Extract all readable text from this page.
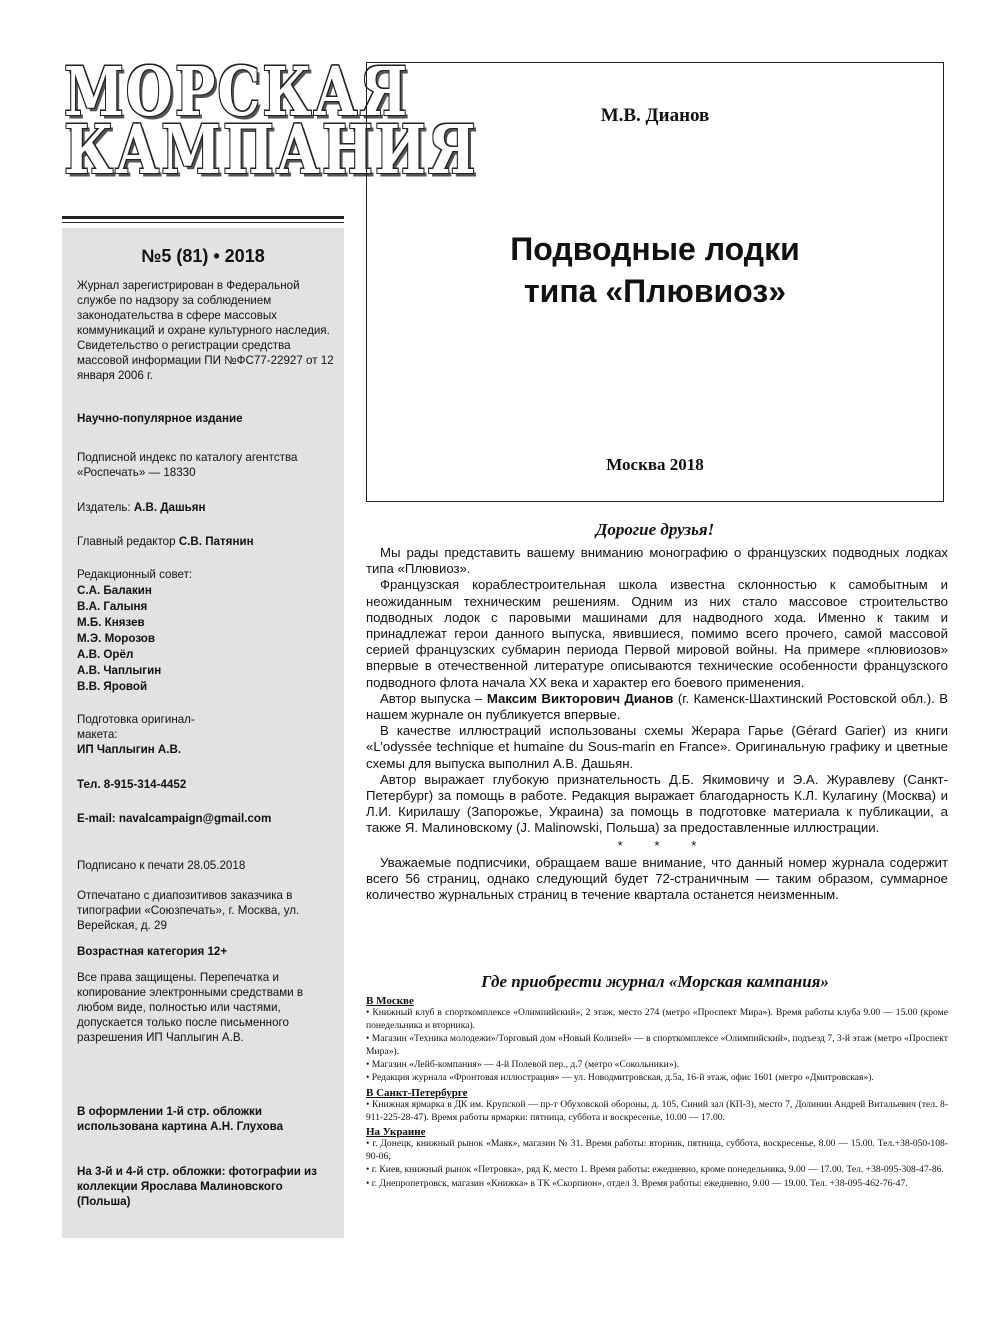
МОРСКАЯ
КАМПАНИЯ
№5 (81) • 2018

Журнал зарегистрирован в Федеральной службе по надзору за соблюдением законодательства в сфере массовых коммуникаций и охране культурного наследия. Свидетельство о регистрации средства массовой информации ПИ №ФС77-22927 от 12 января 2006 г.

Научно-популярное издание

Подписной индекс по каталогу агентства «Роспечать» — 18330

Издатель: А.В. Дашьян

Главный редактор С.В. Патянин

Редакционный совет:

С.А. Балакин

В.А. Галыня

М.Б. Князев

М.Э. Морозов

А.В. Орёл

А.В. Чаплыгин

В.В. Яровой

Подготовка оригинал-макета:

ИП Чаплыгин А.В.

Тел. 8-915-314-4452

E-mail: navalcampaign@gmail.com

Подписано к печати 28.05.2018

Отпечатано с диапозитивов заказчика в типографии «Союзпечать», г. Москва, ул. Верейская, д. 29

Возрастная категория 12+

Все права защищены. Перепечатка и копирование электронными средствами в любом виде, полностью или частями, допускается только после письменного разрешения ИП Чаплыгин А.В.

В оформлении 1-й стр. обложки использована картина А.Н. Глухова

На 3-й и 4-й стр. обложки: фотографии из коллекции Ярослава Малиновского (Польша)

М.В. Дианов
Подводные лодки
типа «Плювиоз»
Москва 2018
Дорогие друзья!

Мы рады представить вашему вниманию монографию о французских подводных лодках типа «Плювиоз».

Французская кораблестроительная школа известна склонностью к самобытным и неожиданным техническим решениям. Одним из них стало массовое строительство подводных лодок с паровыми машинами для надводного хода. Именно к таким и принадлежат герои данного выпуска, явившиеся, помимо всего прочего, самой массовой серией французских субмарин периода Первой мировой войны. На примере «плювиозов» впервые в отечественной литературе описываются технические особенности французского подводного флота начала XX века и характер его боевого применения.

Автор выпуска – Максим Викторович Дианов (г. Каменск-Шахтинский Ростовской обл.). В нашем журнале он публикуется впервые.

В качестве иллюстраций использованы схемы Жерара Гарье (Gérard Garier) из книги «L’odyssée technique et humaine du Sous-marin en France». Оригинальную графику и цветные схемы для выпуска выполнил А.В. Дашьян.

Автор выражает глубокую признательность Д.Б. Якимовичу и Э.А. Журавлеву (Санкт-Петербург) за помощь в работе. Редакция выражает благодарность К.Л. Кулагину (Москва) и Л.И. Кирилашу (Запорожье, Украина) за помощь в подготовке материала к публикации, а также Я. Малиновскому (J. Malinowski, Польша) за предоставленные иллюстрации.

* * *

Уважаемые подписчики, обращаем ваше внимание, что данный номер журнала содержит всего 56 страниц, однако следующий будет 72-страничным — таким образом, суммарное количество журнальных страниц в течение квартала останется неизменным.

Где приобрести журнал «Морская кампания»
В Москве

• Книжный клуб в спорткомплексе «Олимпийский», 2 этаж, место 274 (метро «Проспект Мира»). Время работы клуба 9.00 — 15.00 (кроме понедельника и вторника).

• Магазин «Техника молодежи»/Торговый дом «Новый Колизей» — в спорткомплексе «Олимпийский», подъезд 7, 3-й этаж (метро «Проспект Мира»).

• Магазин «Лейб-компания» — 4-й Полевой пер., д.7 (метро «Сокольники»).

• Редакция журнала «Фронтовая иллюстрация» — ул. Новодмитровская, д.5а, 16-й этаж, офис 1601 (метро «Дмитровская»).

В Санкт-Петербурге

• Книжная ярмарка в ДК им. Крупской — пр-т Обуховской обороны, д. 105, Синий зал (КП-3), место 7, Долинин Андрей Витальевич (тел. 8-911-225-28-47). Время работы ярмарки: пятница, суббота и воскресенье, 10.00 — 17.00.

На Украине

• г. Донецк, книжный рынок «Маяк», магазин № 31. Время работы: вторник, пятница, суббота, воскресенье, 8.00 — 15.00. Тел.+38-050-108-90-06,

• г. Киев, книжный рынок «Петровка», ряд К, место 1. Время работы: ежедневно, кроме понедельника, 9.00 — 17.00. Тел. +38-095-308-47-86.

• г. Днепропетровск, магазин «Книжка» в ТК «Скорпион», отдел 3. Время работы: ежедневно, 9.00 — 19.00. Тел. +38-095-462-76-47.
